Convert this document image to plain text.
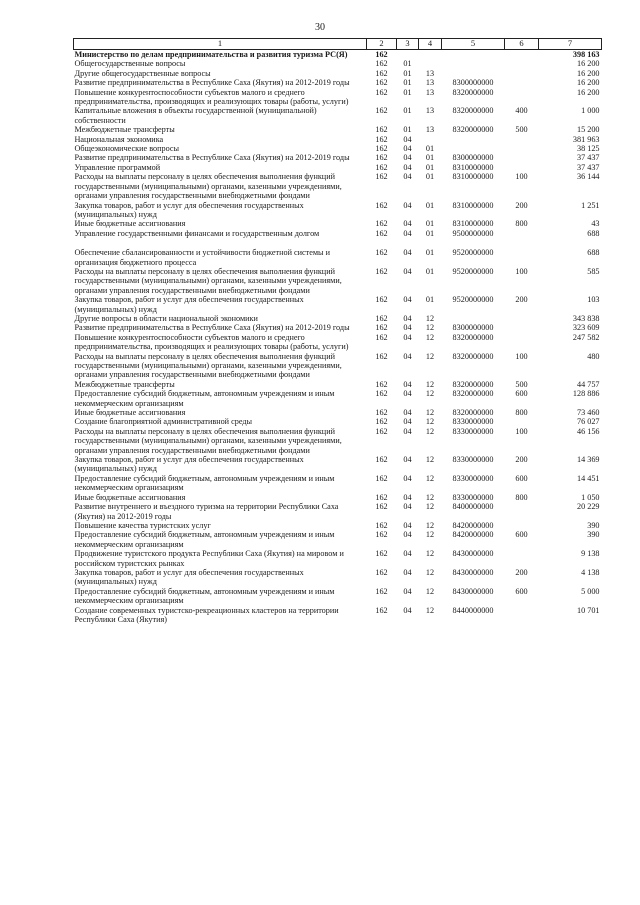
30
1	2	3	4	5	6	7
Министерство по делам предпринимательства и развития туризма РС(Я)	162					398 163
Общегосударственные вопросы	162	01				16 200
Другие общегосударственные вопросы	162	01	13			16 200
Развитие предпринимательства в Республике Саха (Якутия) на 2012-2019 годы	162	01	13	8300000000		16 200
Повышение конкурентоспособности субъектов малого и среднего предпринимательства, производящих и реализующих товары (работы, услуги)	162	01	13	8320000000		16 200
Капитальные вложения в объекты государственной (муниципальной) собственности	162	01	13	8320000000	400	1 000
Межбюджетные трансферты	162	01	13	8320000000	500	15 200
Национальная экономика	162	04				381 963
Общеэкономические вопросы	162	04	01			38 125
Развитие предпринимательства в Республике Саха (Якутия) на 2012-2019 годы	162	04	01	8300000000		37 437
Управление программой	162	04	01	8310000000		37 437
Расходы на выплаты персоналу в целях обеспечения выполнения функций государственными (муниципальными) органами, казенными учреждениями, органами управления государственными внебюджетными фондами	162	04	01	8310000000	100	36 144
Закупка товаров, работ и услуг для обеспечения государственных (муниципальных) нужд	162	04	01	8310000000	200	1 251
Иные бюджетные ассигнования	162	04	01	8310000000	800	43
Управление государственными финансами и государственным долгом	162	04	01	9500000000		688
Обеспечение сбалансированности и устойчивости бюджетной системы и организация бюджетного процесса	162	04	01	9520000000		688
Расходы на выплаты персоналу в целях обеспечения выполнения функций государственными (муниципальными) органами, казенными учреждениями, органами управления государственными внебюджетными фондами	162	04	01	9520000000	100	585
Закупка товаров, работ и услуг для обеспечения государственных (муниципальных) нужд	162	04	01	9520000000	200	103
Другие вопросы в области национальной экономики	162	04	12			343 838
Развитие предпринимательства в Республике Саха (Якутия) на 2012-2019 годы	162	04	12	8300000000		323 609
Повышение конкурентоспособности субъектов малого и среднего предпринимательства, производящих и реализующих товары (работы, услуги)	162	04	12	8320000000		247 582
Расходы на выплаты персоналу в целях обеспечения выполнения функций государственными (муниципальными) органами, казенными учреждениями, органами управления государственными внебюджетными фондами	162	04	12	8320000000	100	480
Межбюджетные трансферты	162	04	12	8320000000	500	44 757
Предоставление субсидий бюджетным, автономным учреждениям и иным некоммерческим организациям	162	04	12	8320000000	600	128 886
Иные бюджетные ассигнования	162	04	12	8320000000	800	73 460
Создание благоприятной административной среды	162	04	12	8330000000		76 027
Расходы на выплаты персоналу в целях обеспечения выполнения функций государственными (муниципальными) органами, казенными учреждениями, органами управления государственными внебюджетными фондами	162	04	12	8330000000	100	46 156
Закупка товаров, работ и услуг для обеспечения государственных (муниципальных) нужд	162	04	12	8330000000	200	14 369
Предоставление субсидий бюджетным, автономным учреждениям и иным некоммерческим организациям	162	04	12	8330000000	600	14 451
Иные бюджетные ассигнования	162	04	12	8330000000	800	1 050
Развитие внутреннего и въездного туризма на территории Республики Саха (Якутия) на 2012-2019 годы	162	04	12	8400000000		20 229
Повышение качества туристских услуг	162	04	12	8420000000		390
Предоставление субсидий бюджетным, автономным учреждениям и иным некоммерческим организациям	162	04	12	8420000000	600	390
Продвижение туристского продукта Республики Саха (Якутия) на мировом и российском туристских рынках	162	04	12	8430000000		9 138
Закупка товаров, работ и услуг для обеспечения государственных (муниципальных) нужд	162	04	12	8430000000	200	4 138
Предоставление субсидий бюджетным, автономным учреждениям и иным некоммерческим организациям	162	04	12	8430000000	600	5 000
Создание современных туристско-рекреационных кластеров на территории Республики Саха (Якутия)	162	04	12	8440000000		10 701
